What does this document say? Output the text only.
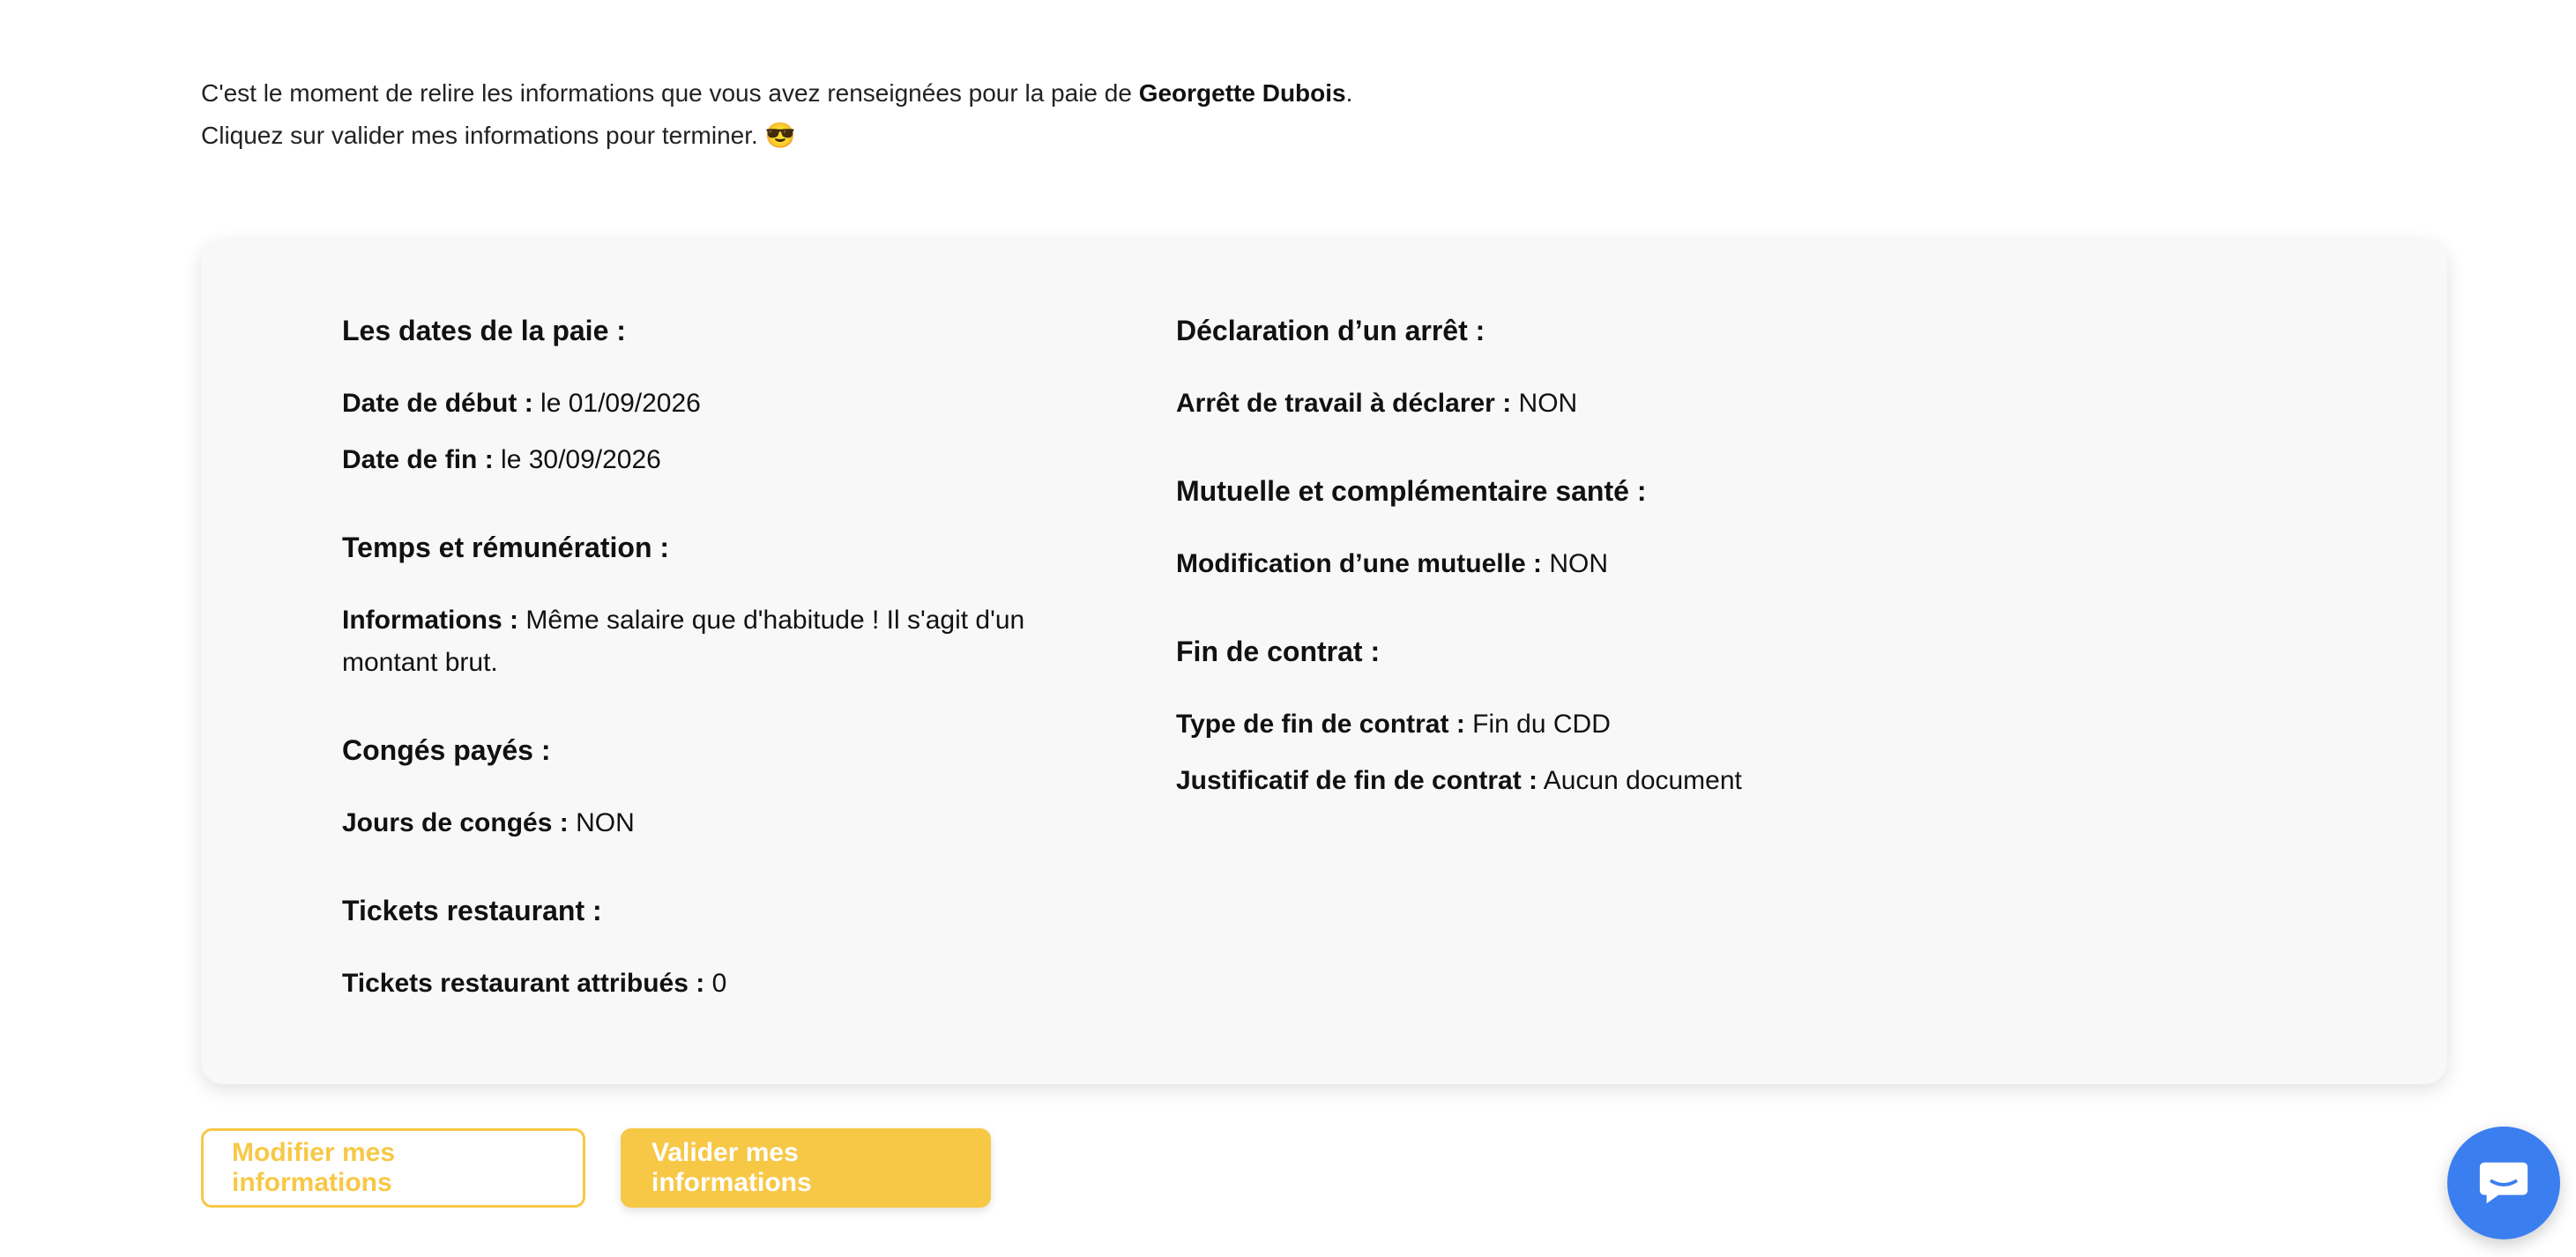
C'est le moment de relire les informations que vous avez renseignées pour la paie de Georgette Dubois.
Cliquez sur valider mes informations pour terminer. 😎
Les dates de la paie :
Date de début : le 01/09/2026
Date de fin : le 30/09/2026
Temps et rémunération :
Informations : Même salaire que d'habitude ! Il s'agit d'un montant brut.
Congés payés :
Jours de congés : NON
Tickets restaurant :
Tickets restaurant attribués : 0
Déclaration d’un arrêt :
Arrêt de travail à déclarer : NON
Mutuelle et complémentaire santé :
Modification d’une mutuelle : NON
Fin de contrat :
Type de fin de contrat : Fin du CDD
Justificatif de fin de contrat : Aucun document
Modifier mes informations
Valider mes informations
